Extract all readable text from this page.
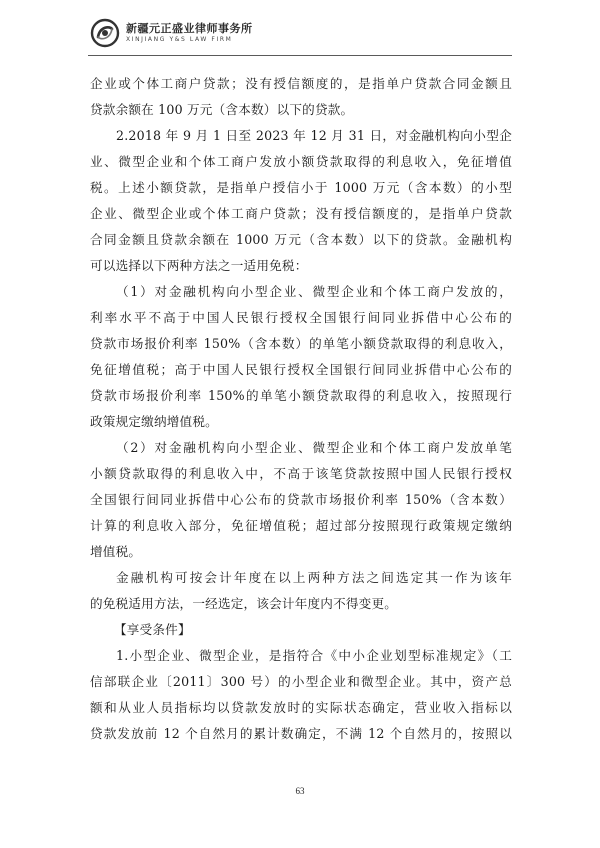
新疆元正盛业律师事务所
XINJIANG Y&S LAW FIRM
企业或个体工商户贷款；没有授信额度的，是指单户贷款合同金额且
贷款余额在 100 万元（含本数）以下的贷款。
2.2018 年 9 月 1 日至 2023 年 12 月 31 日，对金融机构向小型企
业、微型企业和个体工商户发放小额贷款取得的利息收入，免征增值
税。上述小额贷款，是指单户授信小于 1000 万元（含本数）的小型
企业、微型企业或个体工商户贷款；没有授信额度的，是指单户贷款
合同金额且贷款余额在 1000 万元（含本数）以下的贷款。金融机构
可以选择以下两种方法之一适用免税：
（1）对金融机构向小型企业、微型企业和个体工商户发放的，
利率水平不高于中国人民银行授权全国银行间同业拆借中心公布的
贷款市场报价利率 150%（含本数）的单笔小额贷款取得的利息收入，
免征增值税；高于中国人民银行授权全国银行间同业拆借中心公布的
贷款市场报价利率 150%的单笔小额贷款取得的利息收入，按照现行
政策规定缴纳增值税。
（2）对金融机构向小型企业、微型企业和个体工商户发放单笔
小额贷款取得的利息收入中，不高于该笔贷款按照中国人民银行授权
全国银行间同业拆借中心公布的贷款市场报价利率 150%（含本数）
计算的利息收入部分，免征增值税；超过部分按照现行政策规定缴纳
增值税。
金融机构可按会计年度在以上两种方法之间选定其一作为该年
的免税适用方法，一经选定，该会计年度内不得变更。
【享受条件】
1.小型企业、微型企业，是指符合《中小企业划型标准规定》（工
信部联企业〔2011〕300 号）的小型企业和微型企业。其中，资产总
额和从业人员指标均以贷款发放时的实际状态确定，营业收入指标以
贷款发放前 12 个自然月的累计数确定，不满 12 个自然月的，按照以
63
